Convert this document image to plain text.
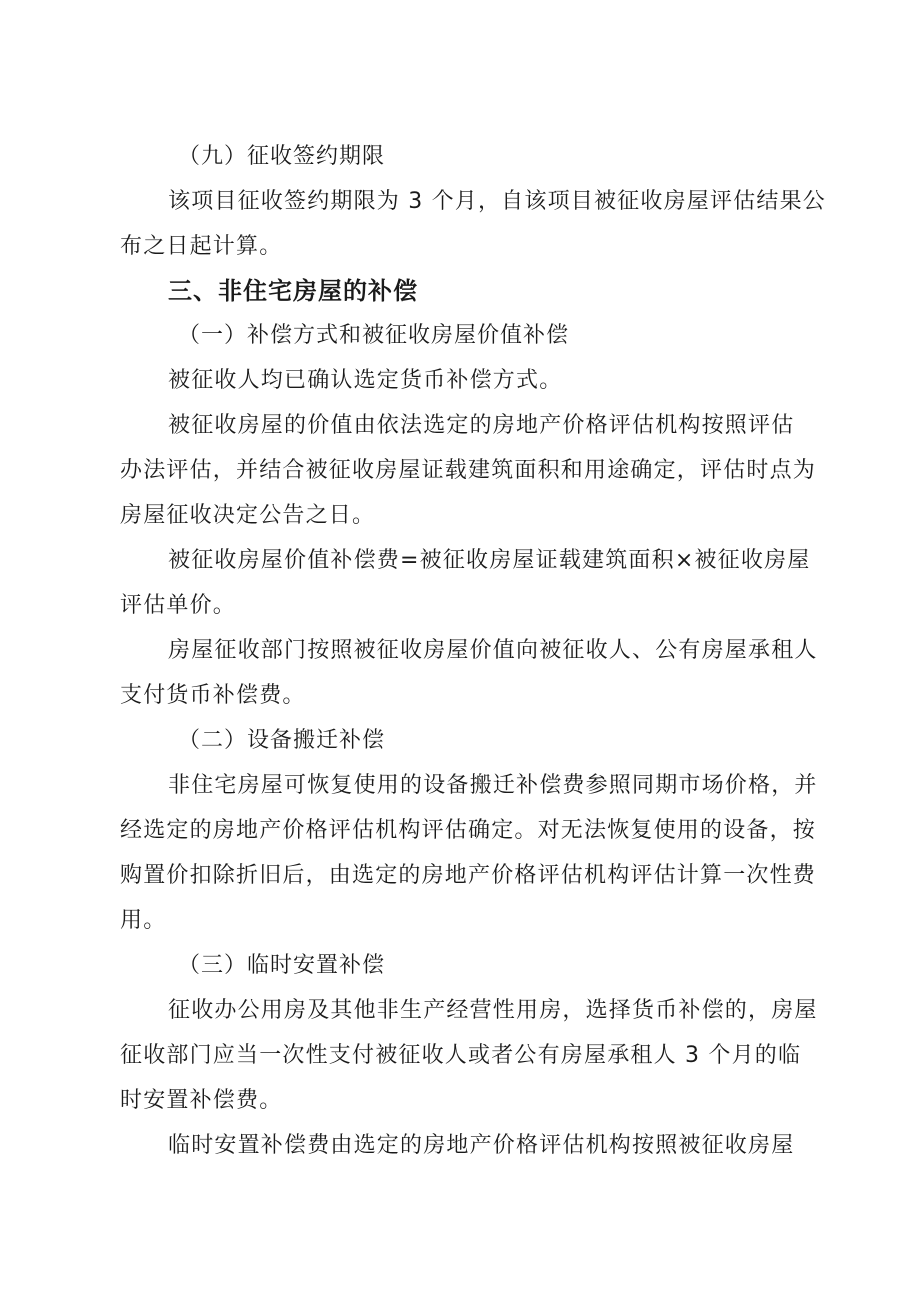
（九）征收签约期限
该项目征收签约期限为 3 个月，自该项目被征收房屋评估结果公
布之日起计算。
三、非住宅房屋的补偿
（一）补偿方式和被征收房屋价值补偿
被征收人均已确认选定货币补偿方式。
被征收房屋的价值由依法选定的房地产价格评估机构按照评估
办法评估，并结合被征收房屋证载建筑面积和用途确定，评估时点为
房屋征收决定公告之日。
被征收房屋价值补偿费=被征收房屋证载建筑面积×被征收房屋
评估单价。
房屋征收部门按照被征收房屋价值向被征收人、公有房屋承租人
支付货币补偿费。
（二）设备搬迁补偿
非住宅房屋可恢复使用的设备搬迁补偿费参照同期市场价格，并
经选定的房地产价格评估机构评估确定。对无法恢复使用的设备，按
购置价扣除折旧后，由选定的房地产价格评估机构评估计算一次性费
用。
（三）临时安置补偿
征收办公用房及其他非生产经营性用房，选择货币补偿的，房屋
征收部门应当一次性支付被征收人或者公有房屋承租人 3 个月的临
时安置补偿费。
临时安置补偿费由选定的房地产价格评估机构按照被征收房屋
